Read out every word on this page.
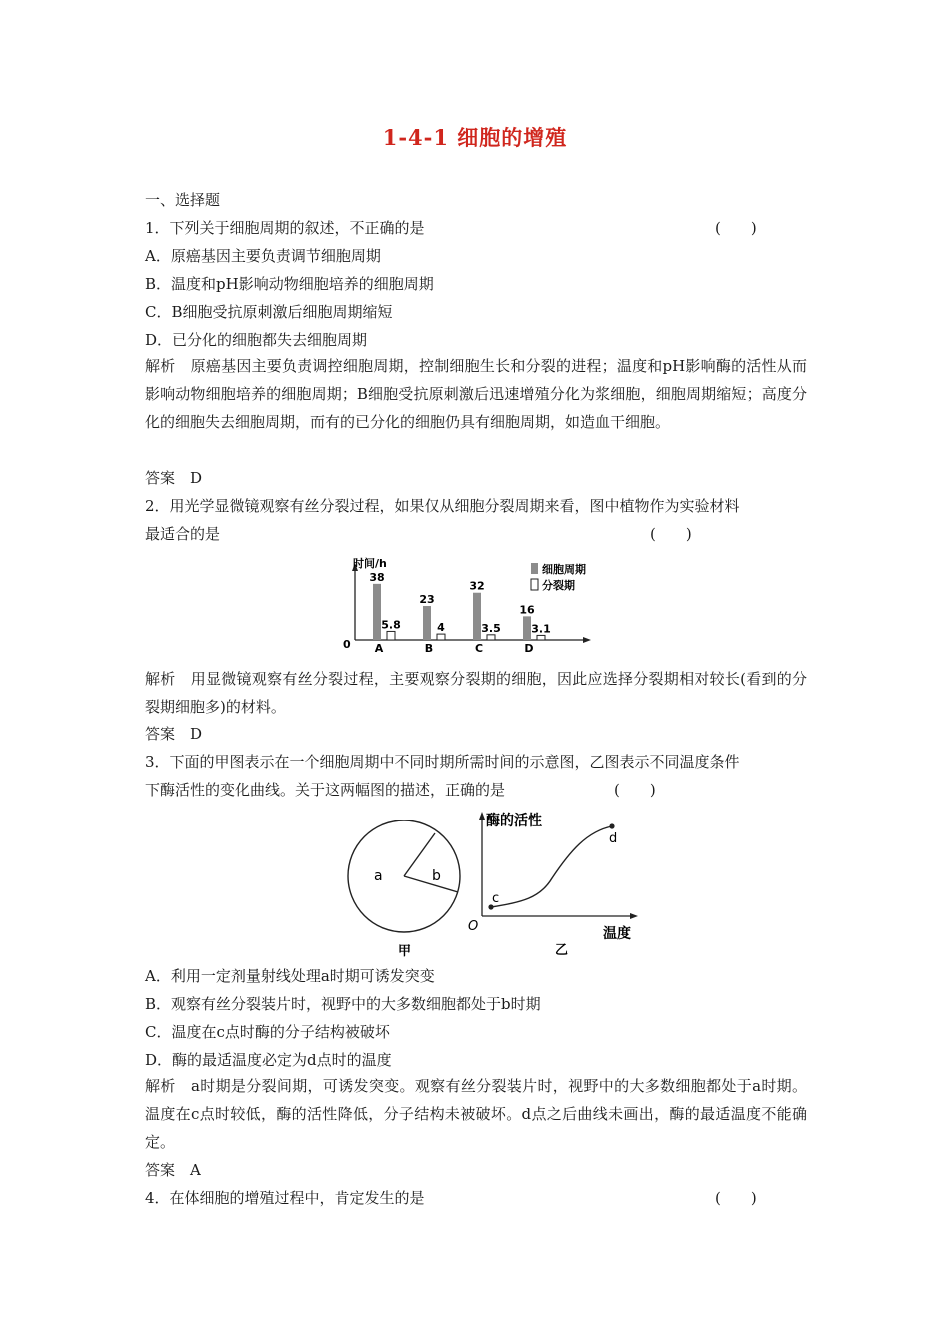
1-4-1 细胞的增殖
一、选择题
1．下列关于细胞周期的叙述，不正确的是	(　　)
A．原癌基因主要负责调节细胞周期
B．温度和pH影响动物细胞培养的细胞周期
C．B细胞受抗原刺激后细胞周期缩短
D．已分化的细胞都失去细胞周期
解析　原癌基因主要负责调控细胞周期，控制细胞生长和分裂的进程；温度和pH影响酶的活性从而影响动物细胞培养的细胞周期；B细胞受抗原刺激后迅速增殖分化为浆细胞，细胞周期缩短；高度分化的细胞失去细胞周期，而有的已分化的细胞仍具有细胞周期，如造血干细胞。
答案　D
2．用光学显微镜观察有丝分裂过程，如果仅从细胞分裂周期来看，图中植物作为实验材料
最适合的是	(　　)
时间/h
0
38
5.8
A
23
4
B
32
3.5
C
16
3.1
D
细胞周期
分裂期
解析　用显微镜观察有丝分裂过程，主要观察分裂期的细胞，因此应选择分裂期相对较长(看到的分裂期细胞多)的材料。
答案　D
3．下面的甲图表示在一个细胞周期中不同时期所需时间的示意图，乙图表示不同温度条件
下酶活性的变化曲线。关于这两幅图的描述，正确的是	(　　)
a	b
甲
酶的活性
温度
O
c
d
乙
A．利用一定剂量射线处理a时期可诱发突变
B．观察有丝分裂装片时，视野中的大多数细胞都处于b时期
C．温度在c点时酶的分子结构被破坏
D．酶的最适温度必定为d点时的温度
解析　a时期是分裂间期，可诱发突变。观察有丝分裂装片时，视野中的大多数细胞都处于a时期。温度在c点时较低，酶的活性降低，分子结构未被破坏。d点之后曲线未画出，酶的最适温度不能确定。
答案　A
4．在体细胞的增殖过程中，肯定发生的是	(　　)
